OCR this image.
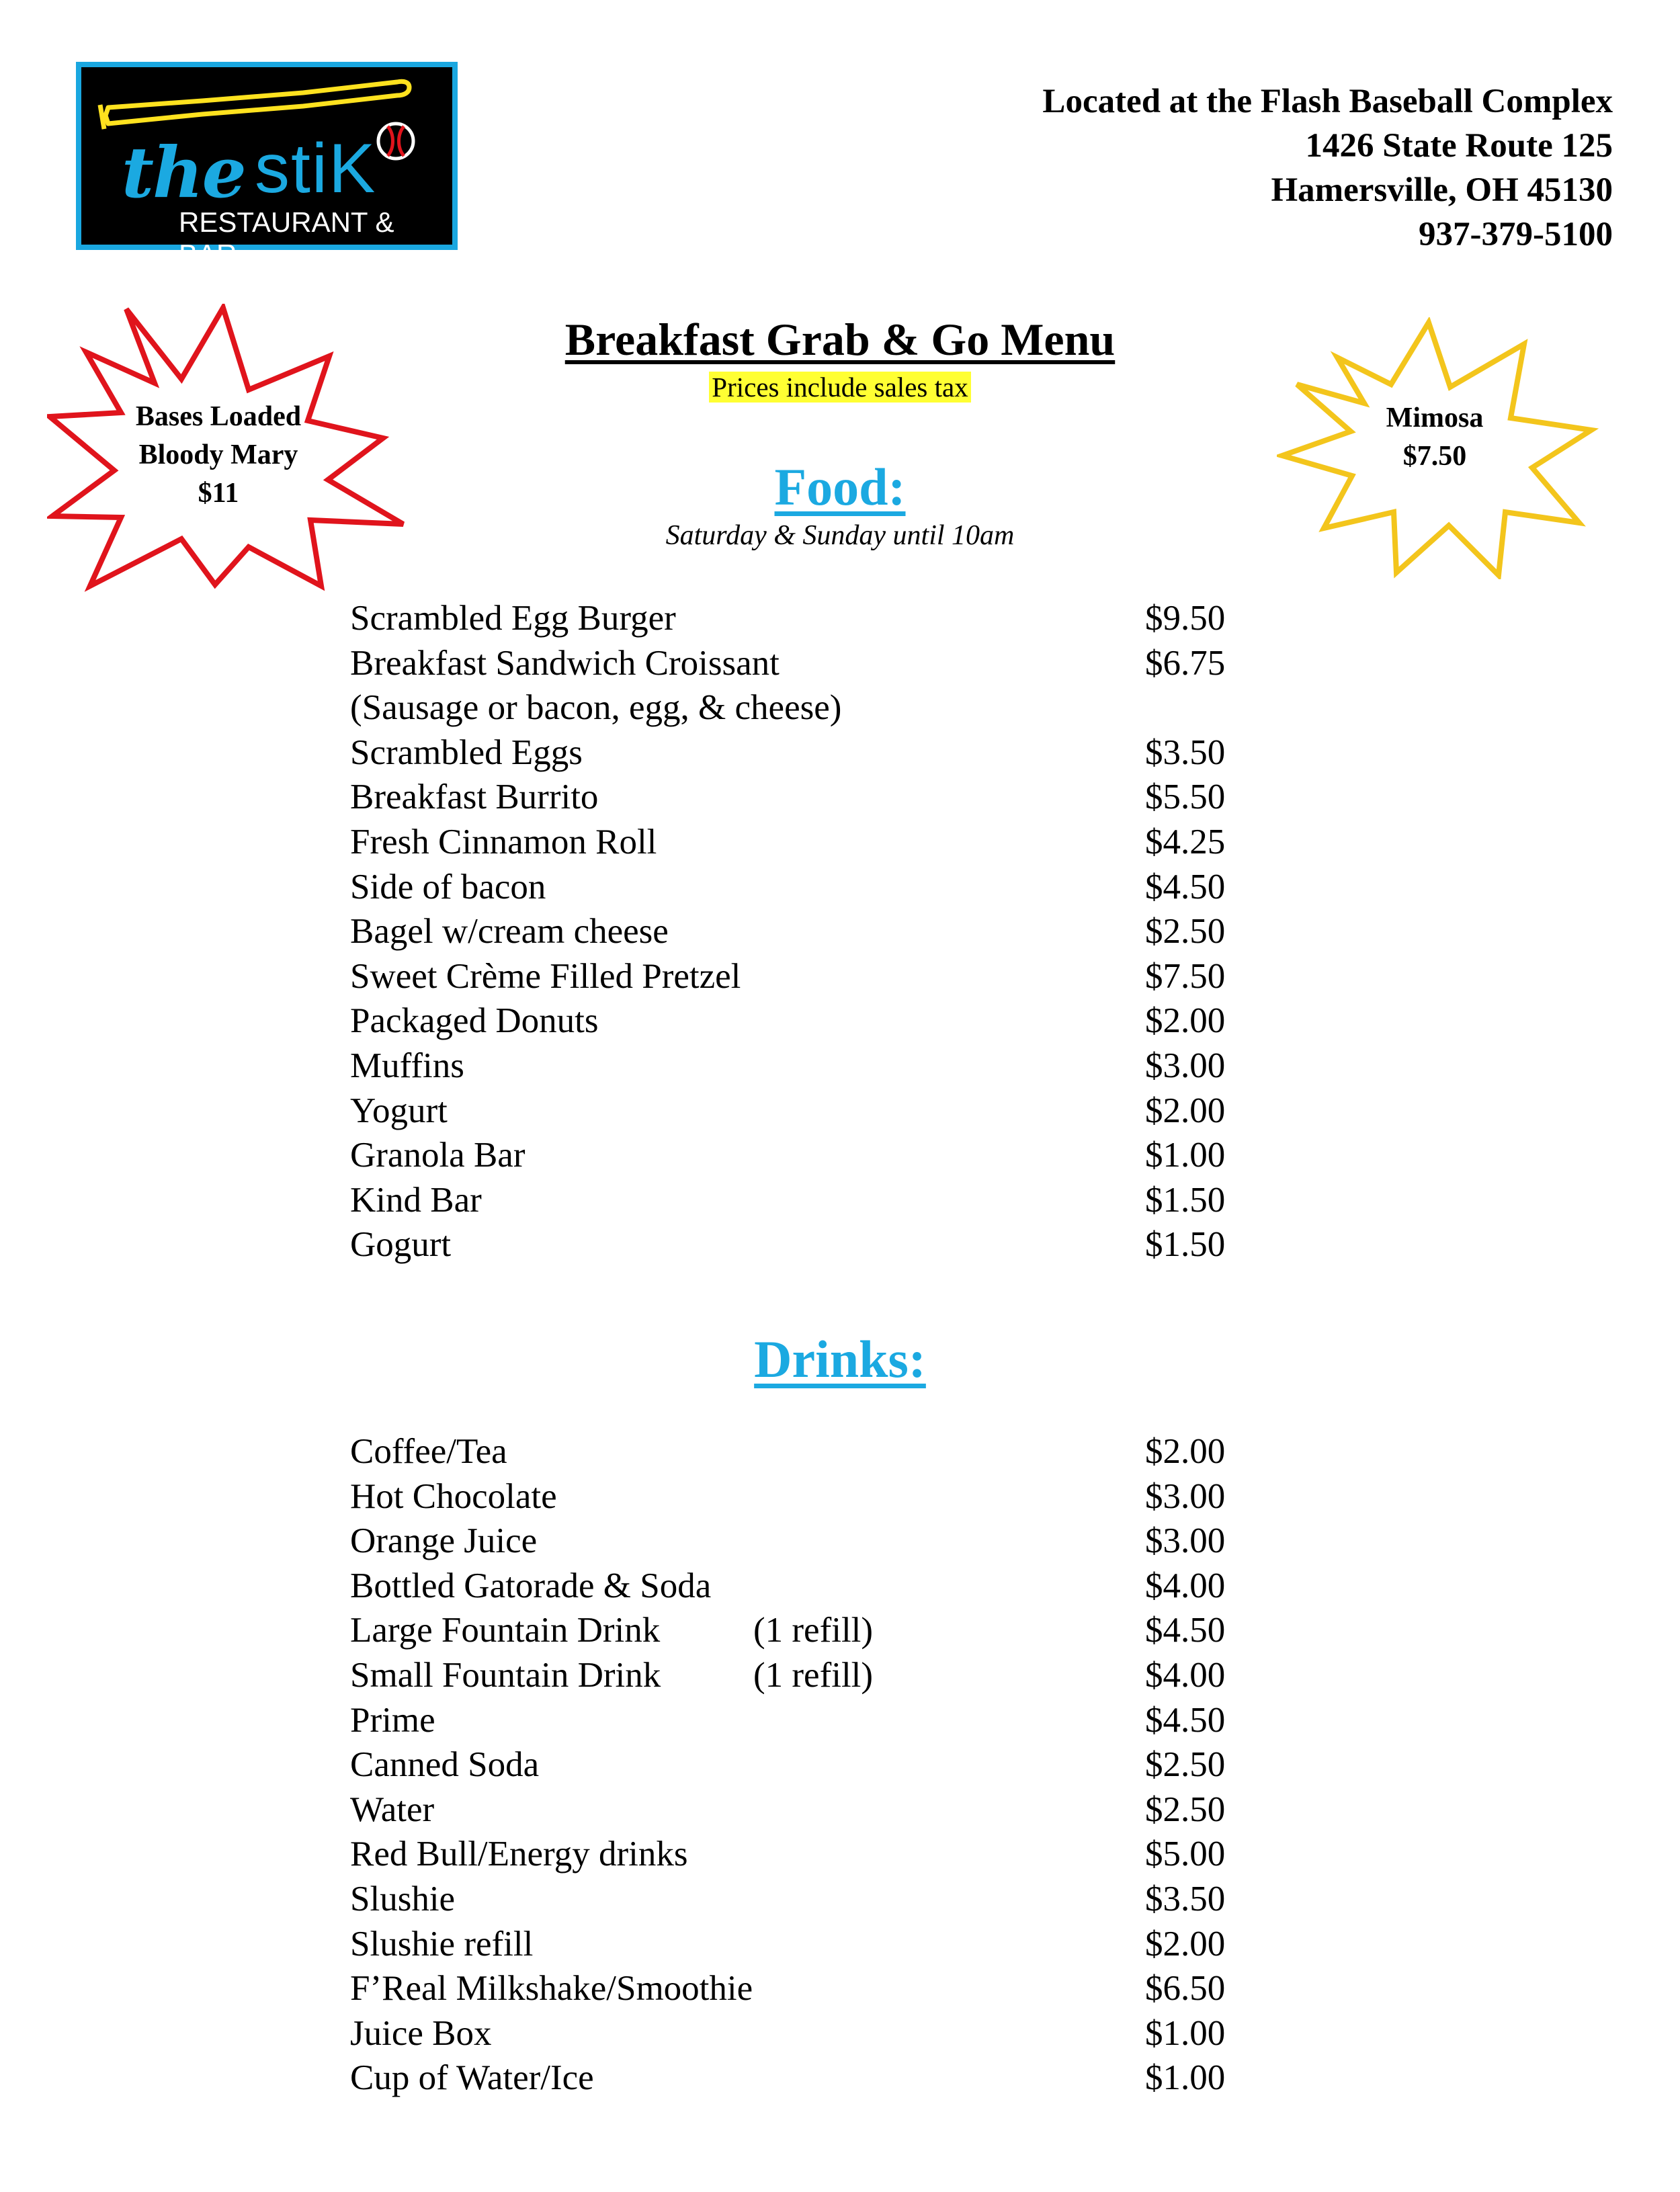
the stiK
RESTAURANT & BAR
Located at the Flash Baseball Complex
1426 State Route 125
Hamersville, OH 45130
937-379-5100
Bases Loaded
Bloody Mary
$11
Mimosa
$7.50
Breakfast Grab & Go Menu
Prices include sales tax
Food:
Saturday & Sunday until 10am
Scrambled Egg Burger	$9.50
Breakfast Sandwich Croissant	$6.75
(Sausage or bacon, egg, & cheese)
Scrambled Eggs	$3.50
Breakfast Burrito	$5.50
Fresh Cinnamon Roll	$4.25
Side of bacon	$4.50
Bagel w/cream cheese	$2.50
Sweet Crème Filled Pretzel	$7.50
Packaged Donuts	$2.00
Muffins	$3.00
Yogurt	$2.00
Granola Bar	$1.00
Kind Bar	$1.50
Gogurt	$1.50
Drinks:
Coffee/Tea	$2.00
Hot Chocolate	$3.00
Orange Juice	$3.00
Bottled Gatorade & Soda	$4.00
Large Fountain Drink	(1 refill)	$4.50
Small Fountain Drink	(1 refill)	$4.00
Prime	$4.50
Canned Soda	$2.50
Water	$2.50
Red Bull/Energy drinks	$5.00
Slushie	$3.50
Slushie refill	$2.00
F’Real Milkshake/Smoothie	$6.50
Juice Box	$1.00
Cup of Water/Ice	$1.00
